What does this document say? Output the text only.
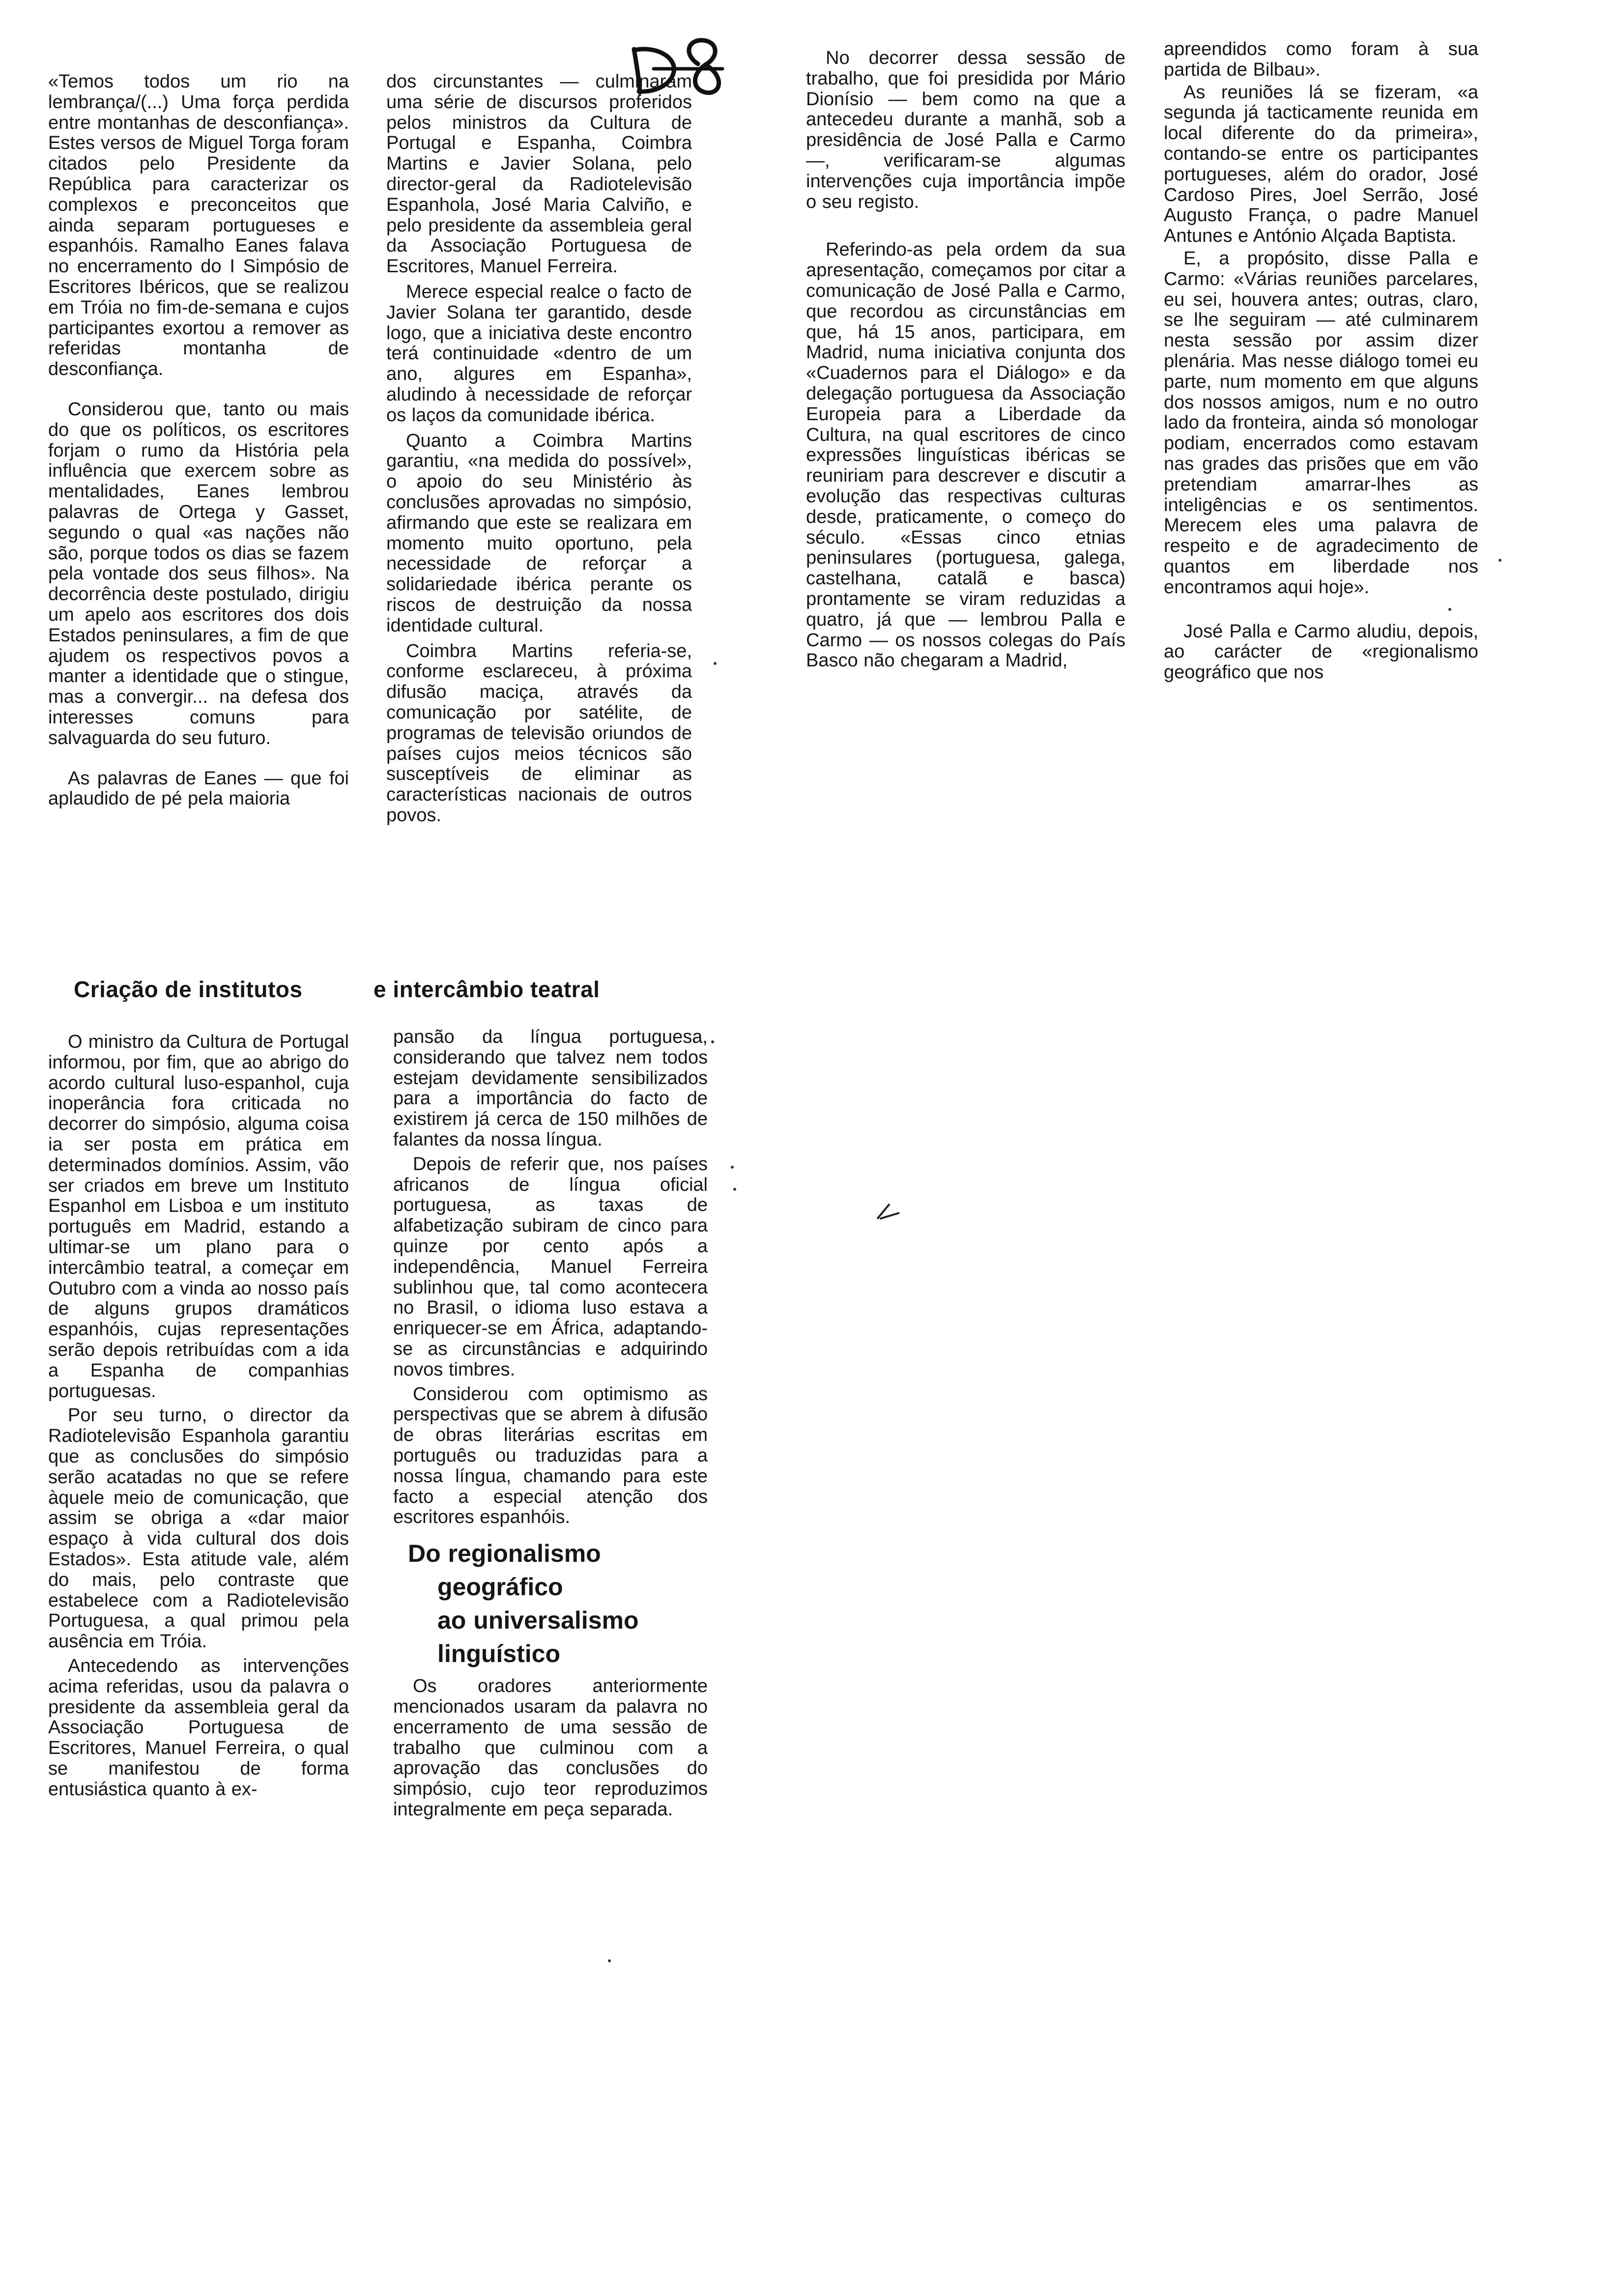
«Temos todos um rio na lembrança/(...) Uma força perdida entre montanhas de desconfiança». Estes versos de Miguel Torga foram citados pelo Presidente da República para caracterizar os complexos e preconceitos que ainda separam portugueses e espanhóis. Ramalho Eanes falava no encerramento do I Simpósio de Escritores Ibéricos, que se realizou em Tróia no fim-de-semana e cujos participantes exortou a remover as referidas montanha de desconfiança.

Considerou que, tanto ou mais do que os políticos, os escritores forjam o rumo da História pela influência que exercem sobre as mentalidades, Eanes lembrou palavras de Ortega y Gasset, segundo o qual «as nações não são, porque todos os dias se fazem pela vontade dos seus filhos». Na decorrência deste postulado, dirigiu um apelo aos escritores dos dois Estados peninsulares, a fim de que ajudem os respectivos povos a manter a identidade que o stingue, mas a convergir... na defesa dos interesses comuns para salvaguarda do seu futuro.

As palavras de Eanes — que foi aplaudido de pé pela maioria

dos circunstantes — culminaram uma série de discursos proferidos pelos ministros da Cultura de Portugal e Espanha, Coimbra Martins e Javier Solana, pelo director-geral da Radiotelevisão Espanhola, José Maria Calviño, e pelo presidente da assembleia geral da Associação Portuguesa de Escritores, Manuel Ferreira.

Merece especial realce o facto de Javier Solana ter garantido, desde logo, que a iniciativa deste encontro terá continuidade «dentro de um ano, algures em Espanha», aludindo à necessidade de reforçar os laços da comunidade ibérica.

Quanto a Coimbra Martins garantiu, «na medida do possível», o apoio do seu Ministério às conclusões aprovadas no simpósio, afirmando que este se realizara em momento muito oportuno, pela necessidade de reforçar a solidariedade ibérica perante os riscos de destruição da nossa identidade cultural.

Coimbra Martins referia-se, conforme esclareceu, à próxima difusão maciça, através da comunicação por satélite, de programas de televisão oriundos de países cujos meios técnicos são susceptíveis de eliminar as características nacionais de outros povos.

No decorrer dessa sessão de trabalho, que foi presidida por Mário Dionísio — bem como na que a antecedeu durante a manhã, sob a presidência de José Palla e Carmo —, verificaram-se algumas intervenções cuja importância impõe o seu registo.

Referindo-as pela ordem da sua apresentação, começamos por citar a comunicação de José Palla e Carmo, que recordou as circunstâncias em que, há 15 anos, participara, em Madrid, numa iniciativa conjunta dos «Cuadernos para el Diálogo» e da delegação portuguesa da Associação Europeia para a Liberdade da Cultura, na qual escritores de cinco expressões linguísticas ibéricas se reuniriam para descrever e discutir a evolução das respectivas culturas desde, praticamente, o começo do século. «Essas cinco etnias peninsulares (portuguesa, galega, castelhana, catalã e basca) prontamente se viram reduzidas a quatro, já que — lembrou Palla e Carmo — os nossos colegas do País Basco não chegaram a Madrid,

apreendidos como foram à sua partida de Bilbau».

As reuniões lá se fizeram, «a segunda já tacticamente reunida em local diferente do da primeira», contando-se entre os participantes portugueses, além do orador, José Cardoso Pires, Joel Serrão, José Augusto França, o padre Manuel Antunes e António Alçada Baptista.

E, a propósito, disse Palla e Carmo: «Várias reuniões parcelares, eu sei, houvera antes; outras, claro, se lhe seguiram — até culminarem nesta sessão por assim dizer plenária. Mas nesse diálogo tomei eu parte, num momento em que alguns dos nossos amigos, num e no outro lado da fronteira, ainda só monologar podiam, encerrados como estavam nas grades das prisões que em vão pretendiam amarrar-lhes as inteligências e os sentimentos. Merecem eles uma palavra de respeito e de agradecimento de quantos em liberdade nos encontramos aqui hoje».

José Palla e Carmo aludiu, depois, ao carácter de «regionalismo geográfico que nos

Criação de institutos	e intercâmbio teatral

O ministro da Cultura de Portugal informou, por fim, que ao abrigo do acordo cultural luso-espanhol, cuja inoperância fora criticada no decorrer do simpósio, alguma coisa ia ser posta em prática em determinados domínios. Assim, vão ser criados em breve um Instituto Espanhol em Lisboa e um instituto português em Madrid, estando a ultimar-se um plano para o intercâmbio teatral, a começar em Outubro com a vinda ao nosso país de alguns grupos dramáticos espanhóis, cujas representações serão depois retribuídas com a ida a Espanha de companhias portuguesas.

Por seu turno, o director da Radiotelevisão Espanhola garantiu que as conclusões do simpósio serão acatadas no que se refere àquele meio de comunicação, que assim se obriga a «dar maior espaço à vida cultural dos dois Estados». Esta atitude vale, além do mais, pelo contraste que estabelece com a Radiotelevisão Portuguesa, a qual primou pela ausência em Tróia.

Antecedendo as intervenções acima referidas, usou da palavra o presidente da assembleia geral da Associação Portuguesa de Escritores, Manuel Ferreira, o qual se manifestou de forma entusiástica quanto à ex-

pansão da língua portuguesa, considerando que talvez nem todos estejam devidamente sensibilizados para a importância do facto de existirem já cerca de 150 milhões de falantes da nossa língua.

Depois de referir que, nos países africanos de língua oficial portuguesa, as taxas de alfabetização subiram de cinco para quinze por cento após a independência, Manuel Ferreira sublinhou que, tal como acontecera no Brasil, o idioma luso estava a enriquecer-se em África, adaptando-se as circunstâncias e adquirindo novos timbres.

Considerou com optimismo as perspectivas que se abrem à difusão de obras literárias escritas em português ou traduzidas para a nossa língua, chamando para este facto a especial atenção dos escritores espanhóis.

Do regionalismo
geográfico
ao universalismo
linguístico

Os oradores anteriormente mencionados usaram da palavra no encerramento de uma sessão de trabalho que culminou com a aprovação das conclusões do simpósio, cujo teor reproduzimos integralmente em peça separada.
